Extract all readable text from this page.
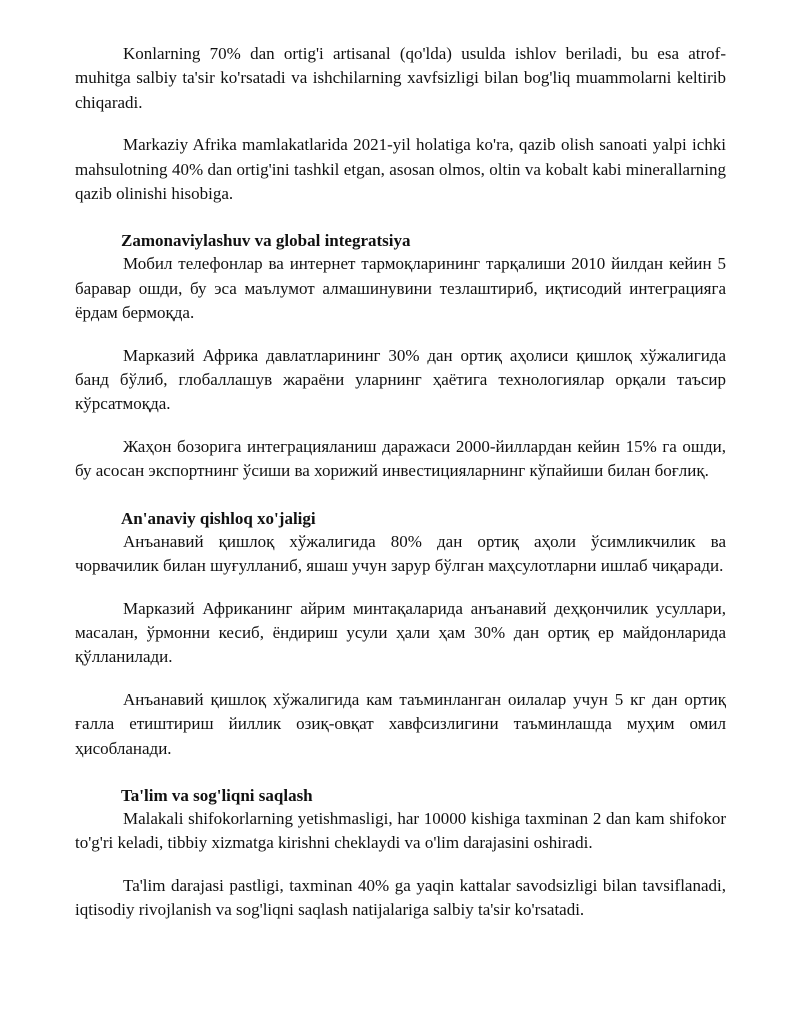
Konlarning 70% dan ortig'i artisanal (qo'lda) usulda ishlov beriladi, bu esa atrof-muhitga salbiy ta'sir ko'rsatadi va ishchilarning xavfsizligi bilan bog'liq muammolarni keltirib chiqaradi.

Markaziy Afrika mamlakatlarida 2021-yil holatiga ko'ra, qazib olish sanoati yalpi ichki mahsulotning 40% dan ortig'ini tashkil etgan, asosan olmos, oltin va kobalt kabi minerallarning qazib olinishi hisobiga.

Zamonaviylashuv va global integratsiya

Мобил телефонлар ва интернет тармоқларининг тарқалиши 2010 йилдан кейин 5 баравар ошди, бу эса маълумот алмашинувини тезлаштириб, иқтисодий интеграцияга ёрдам бермоқда.

Марказий Африка давлатларининг 30% дан ортиқ аҳолиси қишлоқ хўжалигида банд бўлиб, глобаллашув жараёни уларнинг ҳаётига технологиялар орқали таъсир кўрсатмоқда.

Жаҳон бозорига интеграцияланиш даражаси 2000-йиллардан кейин 15% га ошди, бу асосан экспортнинг ўсиши ва хорижий инвестицияларнинг кўпайиши билан боғлиқ.

An'anaviy qishloq xo'jaligi

Анъанавий қишлоқ хўжалигида 80% дан ортиқ аҳоли ўсимликчилик ва чорвачилик билан шуғулланиб, яшаш учун зарур бўлган маҳсулотларни ишлаб чиқаради.

Марказий Африканинг айрим минтақаларида анъанавий деҳқончилик усуллари, масалан, ўрмонни кесиб, ёндириш усули ҳали ҳам 30% дан ортиқ ер майдонларида қўлланилади.

Анъанавий қишлоқ хўжалигида кам таъминланган оилалар учун 5 кг дан ортиқ ғалла етиштириш йиллик озиқ-овқат хавфсизлигини таъминлашда муҳим омил ҳисобланади.

Ta'lim va sog'liqni saqlash

Malakali shifokorlarning yetishmasligi, har 10000 kishiga taxminan 2 dan kam shifokor to'g'ri keladi, tibbiy xizmatga kirishni cheklaydi va o'lim darajasini oshiradi.

Ta'lim darajasi pastligi, taxminan 40% ga yaqin kattalar savodsizligi bilan tavsiflanadi, iqtisodiy rivojlanish va sog'liqni saqlash natijalariga salbiy ta'sir ko'rsatadi.
